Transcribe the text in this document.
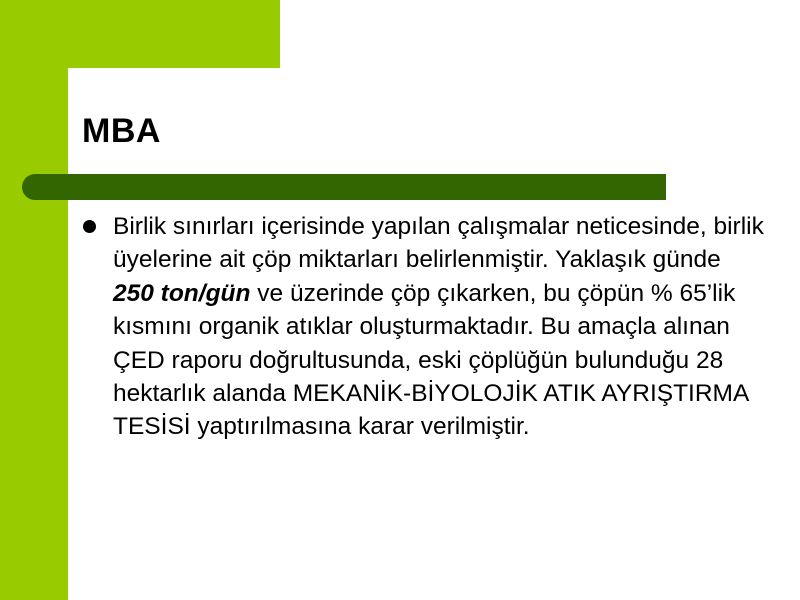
MBA
Birlik sınırları içerisinde yapılan çalışmalar neticesinde, birlik üyelerine ait çöp miktarları belirlenmiştir. Yaklaşık günde 250 ton/gün ve üzerinde çöp çıkarken, bu çöpün % 65’lik kısmını organik atıklar oluşturmaktadır. Bu amaçla alınan ÇED raporu doğrultusunda, eski çöplüğün bulunduğu 28 hektarlık alanda MEKANİK-BİYOLOJİK ATIK AYRIŞTIRMA TESİSİ yaptırılmasına karar verilmiştir.
